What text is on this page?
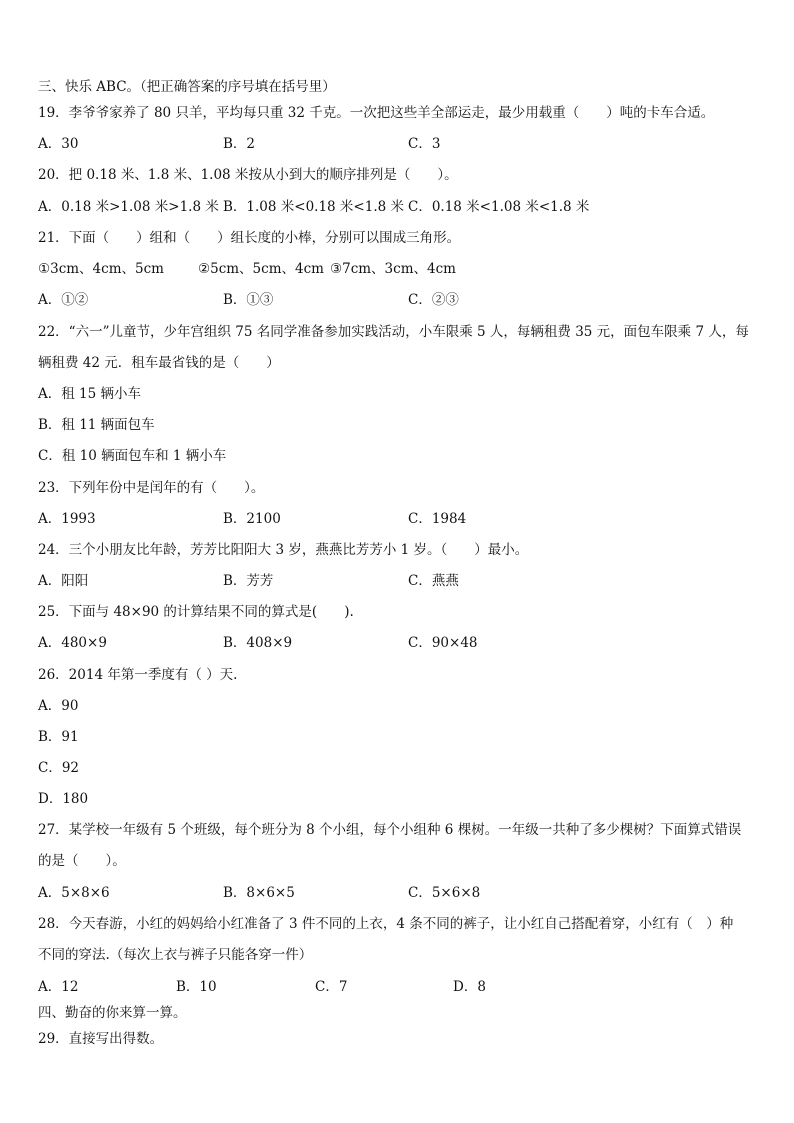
三、快乐 ABC。（把正确答案的序号填在括号里）
19．李爷爷家养了 80 只羊，平均每只重 32 千克。一次把这些羊全部运走，最少用载重（　　）吨的卡车合适。
A．30	B．2	C．3
20．把 0.18 米、1.8 米、1.08 米按从小到大的顺序排列是（　　）。
A．0.18 米>1.08 米>1.8 米 B．1.08 米<0.18 米<1.8 米 C．0.18 米<1.08 米<1.8 米
21．下面（　　）组和（　　）组长度的小棒，分别可以围成三角形。
①3cm、4cm、5cm	②5cm、5cm、4cm ③7cm、3cm、4cm
A．①②	B．①③	C．②③
22．“六一”儿童节，少年宫组织 75 名同学准备参加实践活动，小车限乘 5 人，每辆租费 35 元，面包车限乘 7 人，每
辆租费 42 元．租车最省钱的是（　　）
A．租 15 辆小车
B．租 11 辆面包车
C．租 10 辆面包车和 1 辆小车
23．下列年份中是闰年的有（　　）。
A．1993	B．2100	C．1984
24．三个小朋友比年龄，芳芳比阳阳大 3 岁，燕燕比芳芳小 1 岁。（　　）最小。
A．阳阳	B．芳芳	C．燕燕
25．下面与 48×90 的计算结果不同的算式是(　　).
A．480×9	B．408×9	C．90×48
26．2014 年第一季度有（ ）天.
A．90
B．91
C．92
D．180
27．某学校一年级有 5 个班级，每个班分为 8 个小组，每个小组种 6 棵树。一年级一共种了多少棵树？下面算式错误
的是（　　）。
A．5×8×6	B．8×6×5	C．5×6×8
28．今天春游，小红的妈妈给小红准备了 3 件不同的上衣，4 条不同的裤子，让小红自己搭配着穿，小红有（　）种
不同的穿法.（每次上衣与裤子只能各穿一件）
A．12	B．10	C．7	D．8
四、勤奋的你来算一算。
29．直接写出得数。
